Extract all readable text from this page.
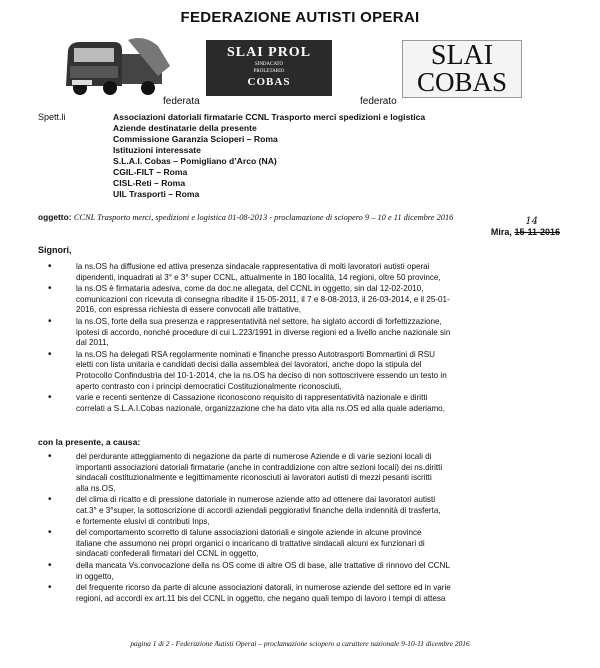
FEDERAZIONE AUTISTI OPERAI
SLAI PROL
SINDACATO
PROLETARIO
COBAS
SLAI
COBAS
federata	federato
Spett.li	Associazioni datoriali firmatarie CCNL Trasporto merci spedizioni e logistica
Aziende destinatarie della presente
Commissione Garanzia Scioperi – Roma
Istituzioni interessate
S.L.A.I. Cobas – Pomigliano d’Arco (NA)
CGIL-FILT – Roma
CISL-Reti – Roma
UIL Trasporti – Roma
oggetto: CCNL Trasporto merci, spedizioni e logistica 01-08-2013 - proclamazione di sciopero 9 – 10 e 11 dicembre 2016
Mira, 15-11-2016
14
Signori,
•	la ns.OS ha diffusione ed attiva presenza sindacale rappresentativa di molti lavoratori autisti operai
dipendenti, inquadrati al 3° e 3° super CCNL, attualmente in 180 località, 14 regioni, oltre 50 province,
•	la ns.OS è firmataria adesiva, come da doc.ne allegata, del CCNL in oggetto, sin dal 12-02-2010,
comunicazioni con ricevuta di consegna ribadite il 15-05-2011, il 7 e 8-08-2013, il 26-03-2014, e il 25-01-
2016, con espressa richiesta di essere convocati alle trattative,
•	la ns.OS, forte della sua presenza e rappresentatività nel settore, ha siglato accordi di forfettizzazione,
ipotesi di accordo, nonché procedure di cui L.223/1991 in diverse regioni ed a livello anche nazionale sin
dal 2011,
•	la ns.OS ha delegati RSA regolarmente nominati e finanche presso Autotrasporti Bommartini di RSU
eletti con lista unitaria e candidati decisi dalla assemblea dei lavoratori, anche dopo la stipula del
Protocollo Confindustria del 10-1-2014, che la ns.OS ha deciso di non sottoscrivere essendo un testo in
aperto contrasto con i principi democratici Costituzionalmente riconosciuti,
•	varie e recenti sentenze di Cassazione riconoscono requisito di rappresentatività nazionale e diritti
correlati a S.L.A.I.Cobas nazionale, organizzazione che ha dato vita alla ns.OS ed alla quale aderiamo,
con la presente, a causa:
•	del perdurante atteggiamento di negazione da parte di numerose Aziende e di varie sezioni locali di
importanti associazioni datoriali firmatarie (anche in contraddizione con altre sezioni locali) dei ns.diritti
sindacali costituzionalmente e legittimamente riconosciuti ai lavoratori autisti di mezzi pesanti iscritti
alla ns.OS,
•	del clima di ricatto e di pressione datoriale in numerose aziende atto ad ottenere dai lavoratori autisti
cat.3° e 3°super, la sottoscrizione di accordi aziendali peggiorativi finanche della indennità di trasferta,
e fortemente elusivi di contributi Inps,
•	del comportamento scorretto di talune associazioni datoriali e singole aziende in alcune province
italiane che assumono nei propri organici o incaricano di trattative sindacali alcuni ex funzionari di
sindacati confederali firmatari del CCNL in oggetto,
•	della mancata Vs.convocazione della ns OS come di altre OS di base, alle trattative di rinnovo del CCNL
in oggetto,
•	del frequente ricorso da parte di alcune associazioni datorali, in numerose aziende del settore ed in varie
regioni, ad accordi ex art.11 bis del CCNL in oggetto, che negano quali tempo di lavoro i tempi di attesa
pagina 1 di 2 - Federazione Autisti Operai – proclamazione sciopero a carattere nazionale 9-10-11 dicembre 2016
